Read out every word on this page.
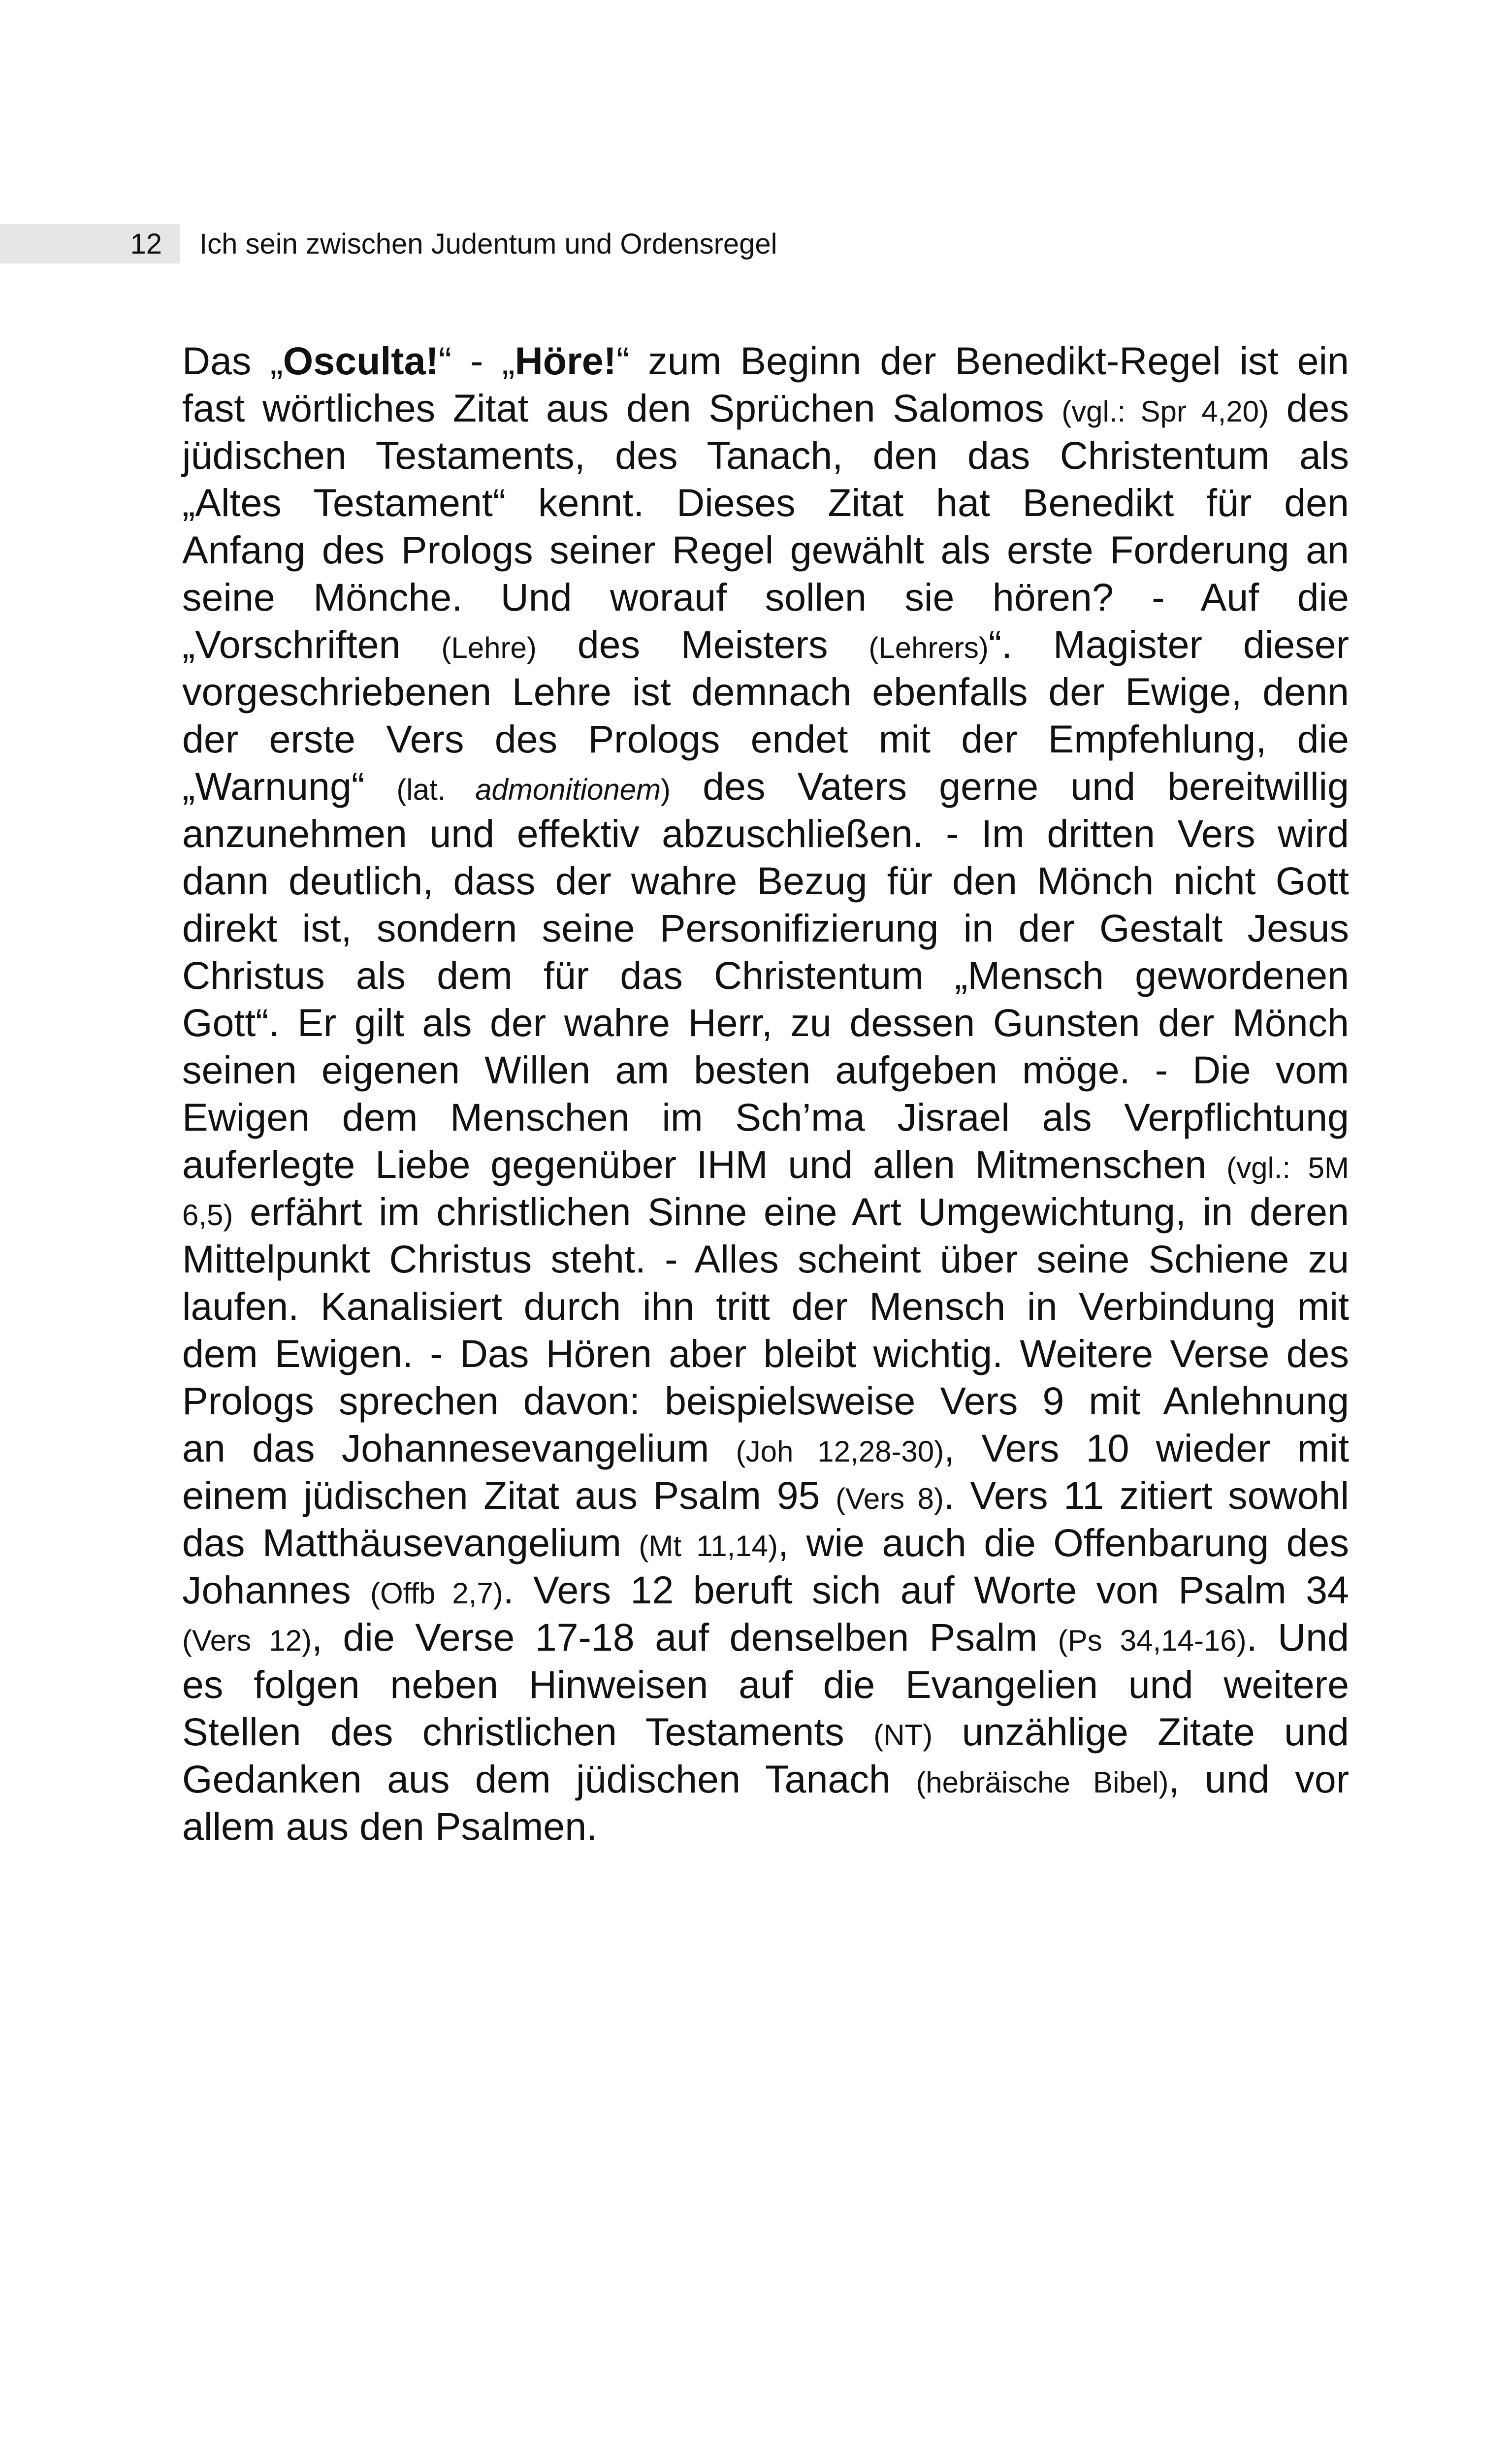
12 Ich sein zwischen Judentum und Ordensregel
Das „Osculta!“ - „Höre!“ zum Beginn der Benedikt-Regel ist ein
fast wörtliches Zitat aus den Sprüchen Salomos (vgl.: Spr 4,20) des
jüdischen Testaments, des Tanach, den das Christentum als
„Altes Testament“ kennt. Dieses Zitat hat Benedikt für den
Anfang des Prologs seiner Regel gewählt als erste Forderung an
seine Mönche. Und worauf sollen sie hören? - Auf die
„Vorschriften (Lehre) des Meisters (Lehrers)“. Magister dieser
vorgeschriebenen Lehre ist demnach ebenfalls der Ewige, denn
der erste Vers des Prologs endet mit der Empfehlung, die
„Warnung“ (lat. admonitionem) des Vaters gerne und bereitwillig
anzunehmen und effektiv abzuschließen. - Im dritten Vers wird
dann deutlich, dass der wahre Bezug für den Mönch nicht Gott
direkt ist, sondern seine Personifizierung in der Gestalt Jesus
Christus als dem für das Christentum „Mensch gewordenen
Gott“. Er gilt als der wahre Herr, zu dessen Gunsten der Mönch
seinen eigenen Willen am besten aufgeben möge. - Die vom
Ewigen dem Menschen im Sch’ma Jisrael als Verpflichtung
auferlegte Liebe gegenüber IHM und allen Mitmenschen (vgl.: 5M
6,5) erfährt im christlichen Sinne eine Art Umgewichtung, in deren
Mittelpunkt Christus steht. - Alles scheint über seine Schiene zu
laufen. Kanalisiert durch ihn tritt der Mensch in Verbindung mit
dem Ewigen. - Das Hören aber bleibt wichtig. Weitere Verse des
Prologs sprechen davon: beispielsweise Vers 9 mit Anlehnung
an das Johannesevangelium (Joh 12,28-30), Vers 10 wieder mit
einem jüdischen Zitat aus Psalm 95 (Vers 8). Vers 11 zitiert sowohl
das Matthäusevangelium (Mt 11,14), wie auch die Offenbarung des
Johannes (Offb 2,7). Vers 12 beruft sich auf Worte von Psalm 34
(Vers 12), die Verse 17-18 auf denselben Psalm (Ps 34,14-16). Und
es folgen neben Hinweisen auf die Evangelien und weitere
Stellen des christlichen Testaments (NT) unzählige Zitate und
Gedanken aus dem jüdischen Tanach (hebräische Bibel), und vor
allem aus den Psalmen.
